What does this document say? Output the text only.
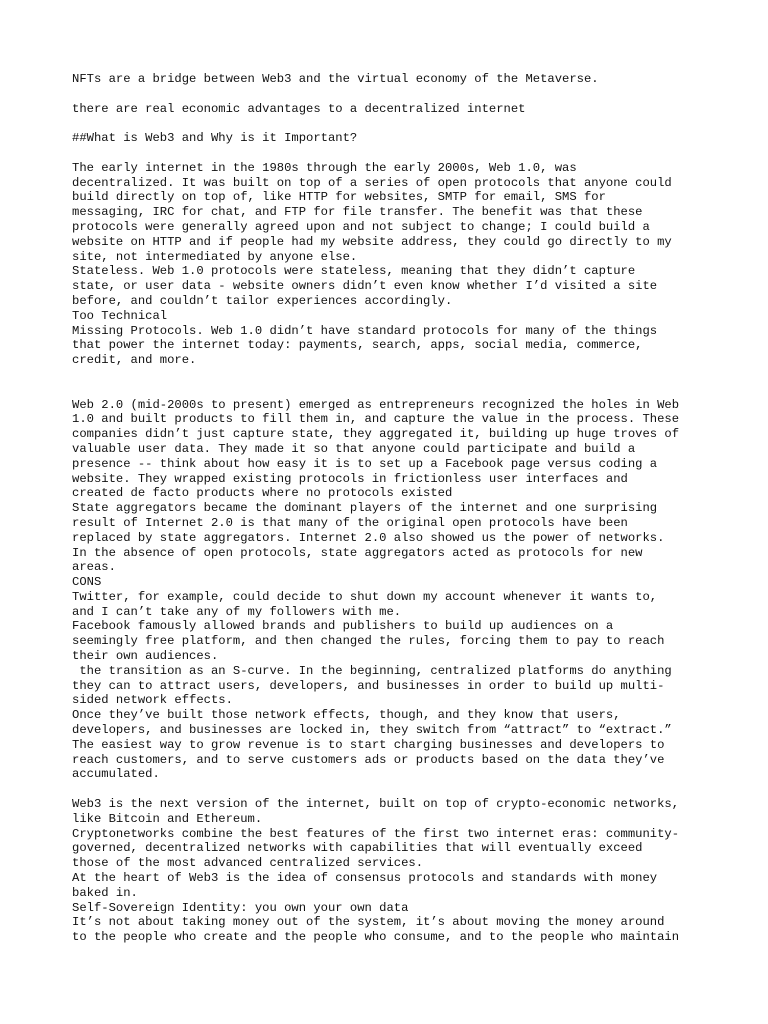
NFTs are a bridge between Web3 and the virtual economy of the Metaverse.

there are real economic advantages to a decentralized internet

##What is Web3 and Why is it Important?

The early internet in the 1980s through the early 2000s, Web 1.0, was
decentralized. It was built on top of a series of open protocols that anyone could
build directly on top of, like HTTP for websites, SMTP for email, SMS for
messaging, IRC for chat, and FTP for file transfer. The benefit was that these
protocols were generally agreed upon and not subject to change; I could build a
website on HTTP and if people had my website address, they could go directly to my
site, not intermediated by anyone else.

Stateless. Web 1.0 protocols were stateless, meaning that they didn’t capture
state, or user data - website owners didn’t even know whether I’d visited a site
before, and couldn’t tailor experiences accordingly.

Too Technical

Missing Protocols. Web 1.0 didn’t have standard protocols for many of the things
that power the internet today: payments, search, apps, social media, commerce,
credit, and more.

Web 2.0 (mid-2000s to present) emerged as entrepreneurs recognized the holes in Web
1.0 and built products to fill them in, and capture the value in the process. These
companies didn’t just capture state, they aggregated it, building up huge troves of
valuable user data. They made it so that anyone could participate and build a
presence -- think about how easy it is to set up a Facebook page versus coding a
website. They wrapped existing protocols in frictionless user interfaces and
created de facto products where no protocols existed

State aggregators became the dominant players of the internet and one surprising
result of Internet 2.0 is that many of the original open protocols have been
replaced by state aggregators. Internet 2.0 also showed us the power of networks.
In the absence of open protocols, state aggregators acted as protocols for new
areas.

CONS

Twitter, for example, could decide to shut down my account whenever it wants to,
and I can’t take any of my followers with me.

Facebook famously allowed brands and publishers to build up audiences on a
seemingly free platform, and then changed the rules, forcing them to pay to reach
their own audiences.

the transition as an S-curve. In the beginning, centralized platforms do anything
they can to attract users, developers, and businesses in order to build up multi-
sided network effects.

Once they’ve built those network effects, though, and they know that users,
developers, and businesses are locked in, they switch from “attract” to “extract.”
The easiest way to grow revenue is to start charging businesses and developers to
reach customers, and to serve customers ads or products based on the data they’ve
accumulated.

Web3 is the next version of the internet, built on top of crypto-economic networks,
like Bitcoin and Ethereum.

Cryptonetworks combine the best features of the first two internet eras: community-
governed, decentralized networks with capabilities that will eventually exceed
those of the most advanced centralized services.

At the heart of Web3 is the idea of consensus protocols and standards with money
baked in.

Self-Sovereign Identity: you own your own data

It’s not about taking money out of the system, it’s about moving the money around
to the people who create and the people who consume, and to the people who maintain
